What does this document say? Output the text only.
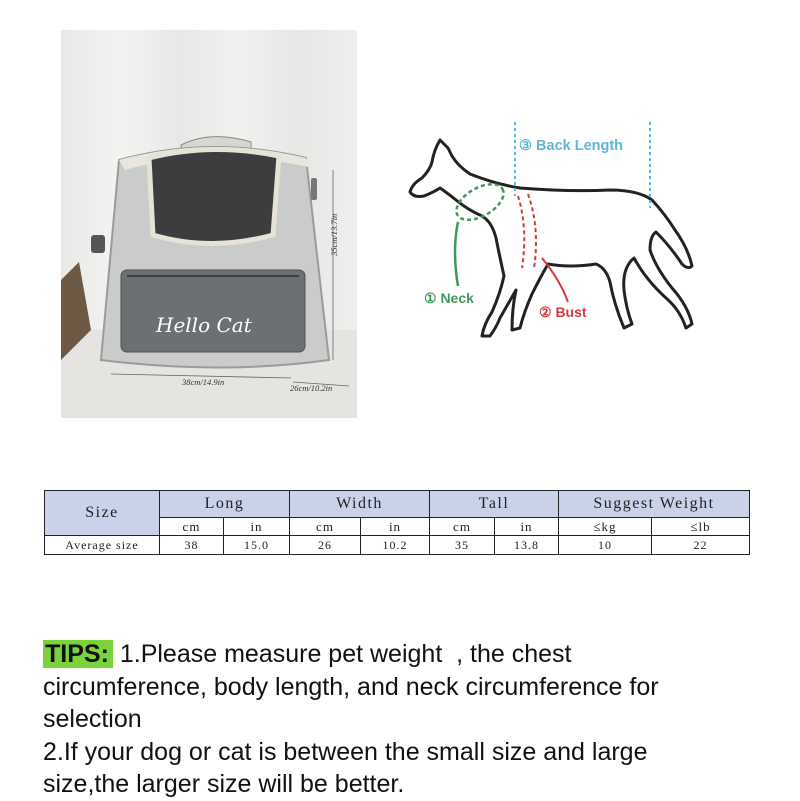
Hello Cat
38cm/14.9in
26cm/10.2in
35cm/13.7in
③ Back Length
① Neck
② Bust
Size	Long		Width		Tall		Suggest Weight	
	cm	in	cm	in	cm	in	≤kg	≤lb
Average size	38	15.0	26	10.2	35	13.8	10	22

TIPS: 1.Please measure pet weight  , the chest

circumference, body length, and neck circumference for

selection

2.If your dog or cat is between the small size and large

size,the larger size will be better.
